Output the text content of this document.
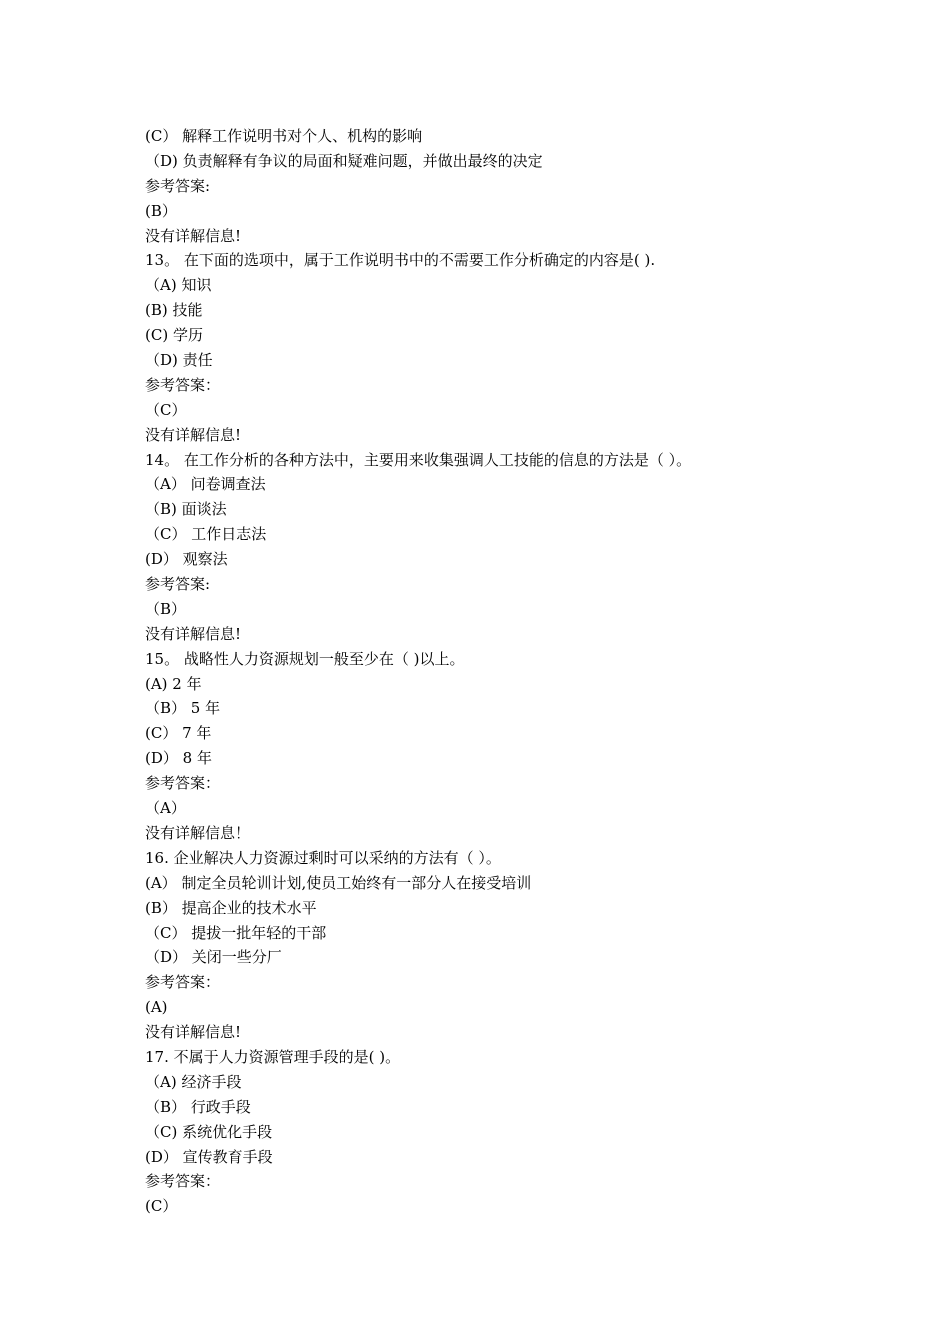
(C） 解释工作说明书对个人、机构的影响
（D) 负责解释有争议的局面和疑难问题，并做出最终的决定
参考答案:
(B）
没有详解信息!
13。 在下面的选项中，属于工作说明书中的不需要工作分析确定的内容是( ).
（A) 知识
(B) 技能
(C) 学历
（D) 责任
参考答案：
（C）
没有详解信息!
14。 在工作分析的各种方法中，主要用来收集强调人工技能的信息的方法是（ ）。
（A） 问卷调查法
（B) 面谈法
（C） 工作日志法
(D） 观察法
参考答案:
（B）
没有详解信息!
15。 战略性人力资源规划一般至少在（ )以上。
(A) 2 年
（B） 5 年
(C） 7 年
(D） 8 年
参考答案：
（A）
没有详解信息！
16. 企业解决人力资源过剩时可以采纳的方法有（ ）。
(A） 制定全员轮训计划,使员工始终有一部分人在接受培训
(B） 提高企业的技术水平
（C） 提拔一批年轻的干部
（D） 关闭一些分厂
参考答案：
(A)
没有详解信息!
17. 不属于人力资源管理手段的是( )。
（A) 经济手段
（B） 行政手段
（C) 系统优化手段
(D） 宣传教育手段
参考答案：
(C）
